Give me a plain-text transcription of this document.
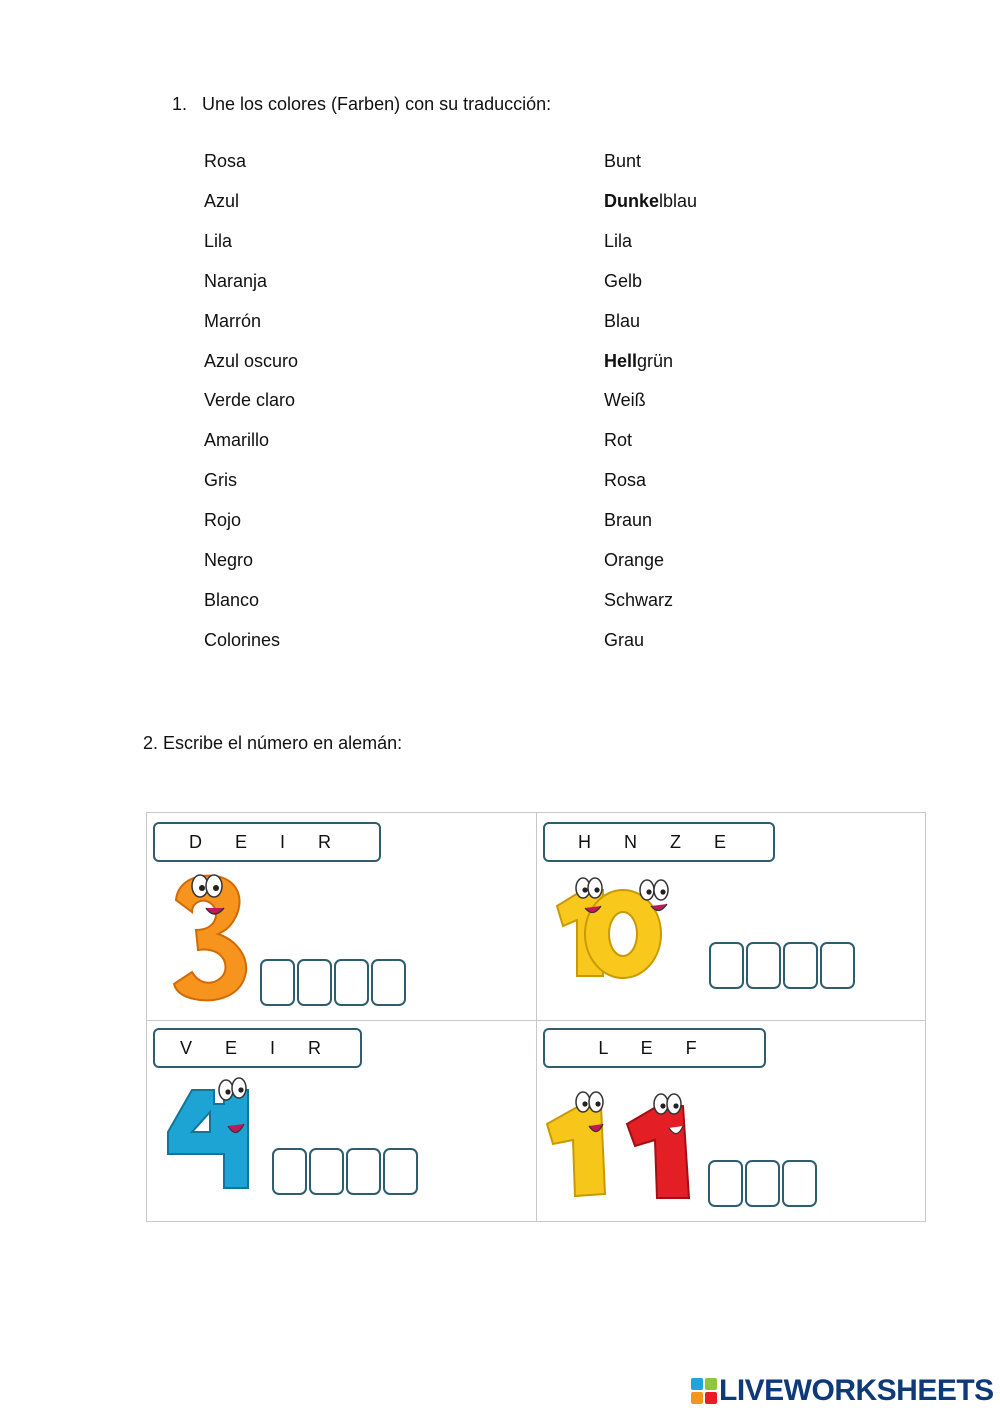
1. Une los colores (Farben) con su traducción:
Rosa
Azul
Lila
Naranja
Marrón
Azul oscuro
Verde claro
Amarillo
Gris
Rojo
Negro
Blanco
Colorines
Bunt
Dunkelblau
Lila
Gelb
Blau
Hellgrün
Weiß
Rot
Rosa
Braun
Orange
Schwarz
Grau
2. Escribe el número en alemán:
D E I R	H N Z E
V E I R	L E F
LIVEWORKSHEETS
